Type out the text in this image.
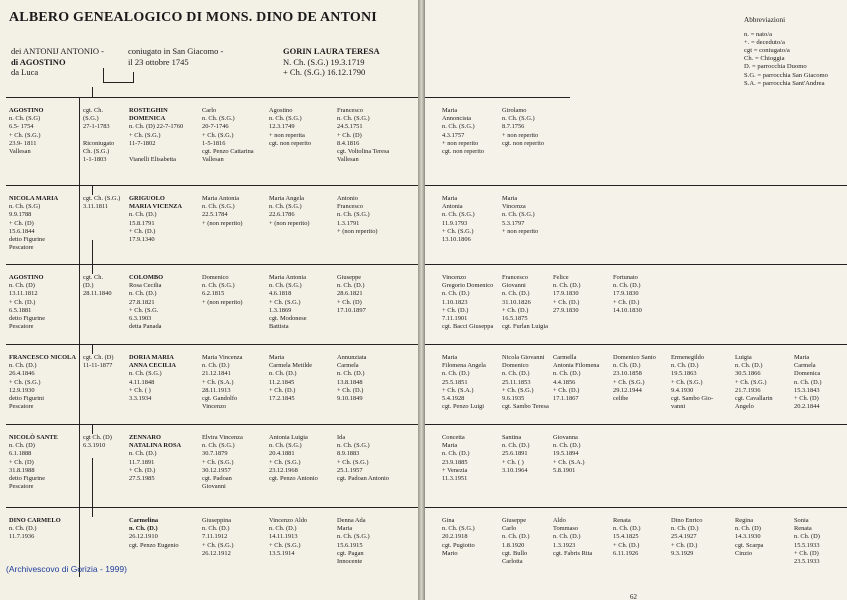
ALBERO GENEALOGICO DI MONS. DINO DE ANTONI
dei ANTONIJ ANTONIO -
di AGOSTINO
da Luca
coniugato in San Giacomo -
il 23 ottobre 1745
GORIN LAURA TERESA
N. Ch. (S.G.) 19.3.1719
+ Ch. (S.G.) 16.12.1790
AGOSTINO
n. Ch. (S.G)
6.5- 1754
+ Ch. (S.G.)
23.9- 1811
Vallesan
cgt. Ch.
(S.G.)
27-1-1783
Riconiugato
Ch. (S.G.)
1-1-1803
ROSTEGHIN
DOMENICA
n. Ch. (D) 22-7-1760
+ Ch. (S.G.)
11-7-1802
Vianelli Elisabetta
Carlo
n. Ch. (S.G.)
20-7-1746
+ Ch. (S.G.)
1-5-1816
cgt. Penzo Cattarina
Vallesan
Agostino
n. Ch. (S.G.)
12.3.1749
+ non reperita
cgt. non reperito
Francesco
n. Ch. (S.G.)
24.5.1751
+ Ch. (D)
8.4.1816
cgt. Voltolina Teresa
Vallesan
NICOLA MARIA
n. Ch. (S.G)
9.9.1788
+ Ch. (D)
15.6.1844
detto Figurine
Pescatore
cgt. Ch. (S.G.)
3.11.1811
GRIGUOLO
MARIA VICENZA
n. Ch. (D.)
15.8.1791
+ Ch. (D.)
17.9.1340
Maria Antonia
n. Ch. (S.G.)
22.5.1784
+ (non reperito)
Maria Angela
n. Ch. (S.G.)
22.6.1786
+ (non reperito)
Antonio
Francesco
n. Ch. (S.G.)
1.3.1791
+ (non reperito)
AGOSTINO
n. Ch. (D)
13.11.1812
+ Ch. (D.)
6.5.1881
detto Figurine
Pescatore
cgt. Ch.
(D.)
28.11.1840
COLOMBO
Rosa Cecilia
n. Ch. (D.)
27.8.1821
+ Ch. (S.G.
6.3.1903
detta Panada
Domenico
n. Ch. (S.G.)
6.2.1815
+ (non reperito)
Maria Antonia
n. Ch. (S.G.)
4.6.1818
+ Ch. (S.G.)
1.3.1869
cgt. Modonese
Battista
Giuseppe
n. Ch. (D.)
28.6.1821
+ Ch. (D)
17.10.1897
FRANCESCO NICOLA
n. Ch. (D.)
26.4.1846
+ Ch. (S.G.)
12.9.1930
detto Figurini
Pescatore
cgt. Ch. (D)
11-11-1877
DORIA MARIA
ANNA CECILIA
n. Ch. (S.G.)
4.11.1848
+ Ch. ( )
3.3.1934
Maria Vincenza
n. Ch. (D.)
21.12.1841
+ Ch. (S.A.)
28.11.1913
cgt. Gandolfo
Vincenzo
Maria
Carmela Metilde
n. Ch. (D.)
11.2.1845
+ Ch. (D.)
17.2.1845
Annunziata
Carmela
n. Ch. (D.)
13.8.1848
+ Ch. (D.)
9.10.1849
NICOLÒ SANTE
n. Ch. (D)
6.1.1888
+ Ch. (D)
31.8.1988
detto Figurine
Pescatore
cgt Ch. (D)
6.3.1910
ZENNARO
NATALINA ROSA
n. Ch. (D.)
11.7.1891
+ Ch. (D.)
27.5.1985
Elvira Vincenza
n. Ch. (S.G.)
30.7.1879
+ Ch. (S.G.)
30.12.1957
cgt. Padoan
Giovanni
Antonia Luigia
n. Ch. (S.G.)
20.4.1881
+ Ch. (S.G.)
23.12.1968
cgt. Penzo Antonio
Ida
n. Ch. (S.G.)
8.9.1883
+ Ch. (S.G.)
25.1.1957
cgt. Padoan Antonio
DINO CARMELO
n. Ch. (D.)
11.7.1936
Carmelina
n. Ch. (D.)
26.12.1910
cgt. Penzo Eugenio
Giuseppina
n. Ch. (D.)
7.11.1912
+ Ch. (S.G.)
26.12.1912
Vincenzo Aldo
n. Ch. (D.)
14.11.1913
+ Ch. (S.G.)
13.5.1914
Denna Ada
Maria
n. Ch. (S.G.)
15.6.1915
cgt. Pagan
Innocente
(Archivescovo di Gorizia - 1999)
Abbreviazioni
n. = nato/a
+. = deceduto/a
cgt = coniugato/a
Ch. = Chioggia
D. = parrocchia Duomo
S.G. = parrocchia San Giacomo
S.A. = parrocchia Sant'Andrea
Maria
Annoncista
n. Ch. (S.G.)
4.3.1757
+ non reperito
cgt. non reperito
Girolamo
n. Ch. (S.G.)
8.7.1756
+ non reperito
cgt. non reperito
Maria
Antonia
n. Ch. (S.G.)
11.9.1793
+ Ch. (S.G.)
13.10.1806
Maria
Vincenza
n. Ch. (S.G.)
5.3.1797
+ non reperito
Vincenzo
Gregorio Domenico
n. Ch. (D.)
1.10.1823
+ Ch. (D.)
7.11.1901
cgt. Bacci Giuseppa
Francesco
Giovanni
n. Ch. (D.)
31.10.1826
+ Ch. (D.)
16.5.1875
cgt. Furlan Luigia
Felice
n. Ch. (D.)
17.9.1830
+ Ch. (D.)
27.9.1830
Fortunato
n. Ch. (D.)
17.9.1830
+ Ch. (D.)
14.10.1830
Maria
Filomena Angela
n. Ch. (D.)
25.5.1851
+ Ch. (S.A.)
5.4.1928
cgt. Penzo Luigi
Nicola Giovanni
Domenico
n. Ch. (D.)
25.11.1853
+ Ch. (S.G.)
9.6.1935
cgt. Sambo Teresa
Carmella
Antonia Filomena
n. Ch. (D.)
4.4.1856
+ Ch. (D.)
17.1.1867
Domenico Santo
n. Ch. (D.)
23.10.1858
+ Ch. (S.G.)
29.12.1944
celibe
Ermenegildo
n. Ch. (D.)
19.5.1863
+ Ch. (S.G.)
9.4.1930
cgt. Sambo Gio-
vanni
Luigia
n. Ch. (D.)
30.5.1866
+ Ch. (S.G.)
21.7.1936
cgt. Cavallarin
Angelo
Maria
Carmela
Domenica
n. Ch. (D.)
15.3.1843
+ Ch. (D)
20.2.1844
Concetta
Maria
n. Ch. (D.)
23.9.1885
+ Venezia
11.3.1951
Santina
n. Ch. (D.)
25.6.1891
+ Ch. ( )
3.10.1964
Giovanna
n. Ch. (D.)
19.5.1894
+ Ch. (S.A.)
5.8.1901
Gina
n. Ch. (S.G.)
20.2.1918
cgt. Pugiotto
Mario
Giuseppe
Carlo
n. Ch. (D.)
1.8.1920
cgt. Bullo
Carlotta
Aldo
Tommaso
n. Ch. (D.)
1.3.1923
cgt. Fabris Rita
Renata
n. Ch. (D.)
15.4.1825
+ Ch. (D.)
6.11.1926
Dino Enrico
n. Ch. (D.)
25.4.1927
+ Ch. (D.)
9.3.1929
Regina
n. Ch. (D)
14.3.1930
cgt. Scarpa
Cinzio
Sonia
Renata
n. Ch. (D)
15.5.1933
+ Ch. (D)
23.5.1933
62
